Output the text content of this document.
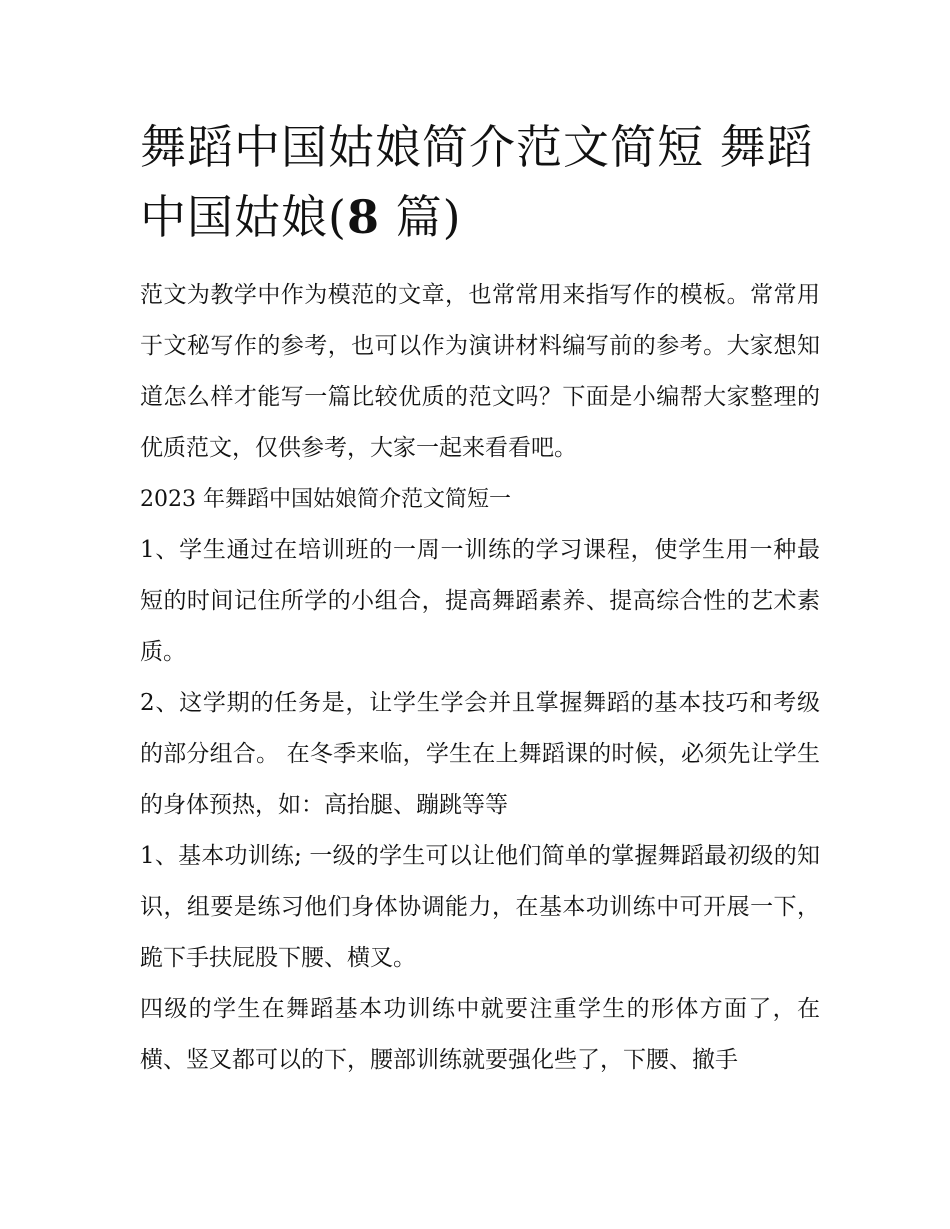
舞蹈中国姑娘简介范文简短 舞蹈 中国姑娘(8 篇)

范文为教学中作为模范的文章，也常常用来指写作的模板。常常用于文秘写作的参考，也可以作为演讲材料编写前的参考。大家想知道怎么样才能写一篇比较优质的范文吗？下面是小编帮大家整理的优质范文，仅供参考，大家一起来看看吧。

2023 年舞蹈中国姑娘简介范文简短一

1、学生通过在培训班的一周一训练的学习课程，使学生用一种最短的时间记住所学的小组合，提高舞蹈素养、提高综合性的艺术素质。

2、这学期的任务是，让学生学会并且掌握舞蹈的基本技巧和考级的部分组合。 在冬季来临，学生在上舞蹈课的时候，必须先让学生的身体预热，如：高抬腿、蹦跳等等

1、基本功训练; 一级的学生可以让他们简单的掌握舞蹈最初级的知识，组要是练习他们身体协调能力，在基本功训练中可开展一下，跪下手扶屁股下腰、横叉。

四级的学生在舞蹈基本功训练中就要注重学生的形体方面了，在横、竖叉都可以的下，腰部训练就要强化些了，下腰、撤手
